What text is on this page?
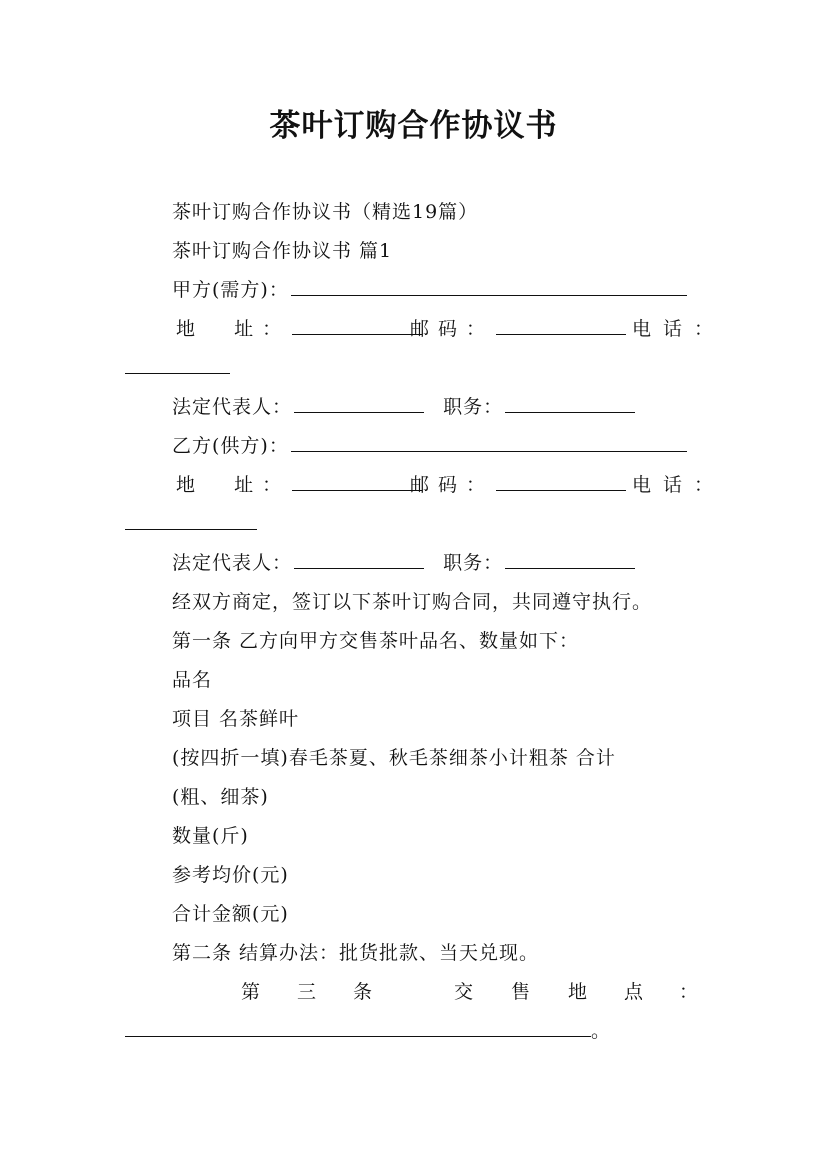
茶叶订购合作协议书
茶叶订购合作协议书（精选19篇）
茶叶订购合作协议书 篇1
甲方(需方)：
地  址：	邮码：	电话：
法定代表人：	职务：
乙方(供方)：
地  址：	邮码：	电话：
法定代表人：	职务：
经双方商定，签订以下茶叶订购合同，共同遵守执行。
第一条 乙方向甲方交售茶叶品名、数量如下：
品名
项目 名茶鲜叶
(按四折一填)春毛茶夏、秋毛茶细茶小计粗茶 合计
(粗、细茶)
数量(斤)
参考均价(元)
合计金额(元)
第二条 结算办法：批货批款、当天兑现。
第 三 条	交 售 地 点 ：
。
